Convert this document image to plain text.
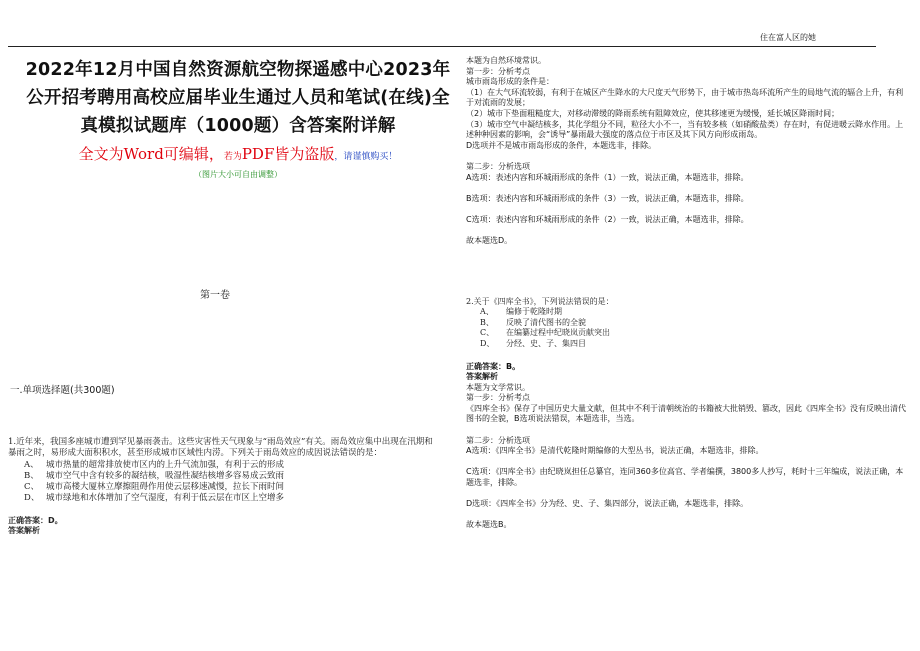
住在富人区的她
2022年12月中国自然资源航空物探遥感中心2023年公开招考聘用高校应届毕业生通过人员和笔试(在线)全真模拟试题库（1000题）含答案附详解
全文为Word可编辑，若为PDF皆为盗版，请谨慎购买！
（图片大小可自由调整）
第一卷
一.单项选择题(共300题)
1.近年来，我国多座城市遭到罕见暴雨袭击。这些灾害性天气现象与“雨岛效应”有关。雨岛效应集中出现在汛期和暴雨之时，易形成大面积积水，甚至形成城市区域性内涝。下列关于雨岛效应的成因说法错误的是：
A、 城市热量的超常排放使市区内的上升气流加强，有利于云的形成
B、 城市空气中含有较多的凝结核，吸湿性凝结核增多容易成云致雨
C、 城市高楼大厦林立摩擦阻碍作用使云层移速减慢，拉长下雨时间
D、 城市绿地和水体增加了空气湿度，有利于低云层在市区上空增多
正确答案：D。
答案解析

本题为自然环境常识。

第一步：分析考点

城市雨岛形成的条件是：

（1）在大气环流较弱，有利于在城区产生降水的大尺度天气形势下，由于城市热岛环流所产生的局地气流的辐合上升，有利于对流雨的发展；

（2）城市下垫面粗糙度大，对移动滞缓的降雨系统有阻障效应，使其移速更为缓慢，延长城区降雨时间；

（3）城市空气中凝结核多，其化学组分不同，粒径大小不一，当有较多核（如硝酸盐类）存在时，有促进暖云降水作用。上述种种因素的影响，会“诱导”暴雨最大强度的落点位于市区及其下风方向形成雨岛。

D选项并不是城市雨岛形成的条件，本题选非，排除。

第二步：分析选项

A选项：表述内容和环城雨形成的条件（1）一致，说法正确，本题选非，排除。

B选项：表述内容和环城雨形成的条件（3）一致，说法正确，本题选非，排除。

C选项：表述内容和环城雨形成的条件（2）一致，说法正确，本题选非，排除。

故本题选D。

2.关于《四库全书》，下列说法错误的是：

A、 编修于乾隆时期

B、 反映了清代图书的全貌

C、 在编纂过程中纪晓岚贡献突出

D、 分经、史、子、集四目

正确答案：B。

答案解析

本题为文学常识。

第一步：分析考点

《四库全书》保存了中国历史大量文献，但其中不利于清朝统治的书籍被大批销毁、篡改，因此《四库全书》没有反映出清代图书的全貌，B选项说法错误，本题选非，当选。

第二步：分析选项

A选项：《四库全书》是清代乾隆时期编修的大型丛书，说法正确，本题选非，排除。

C选项：《四库全书》由纪晓岚担任总纂官，连同360多位高官、学者编撰，3800多人抄写，耗时十三年编成，说法正确，本题选非，排除。

D选项：《四库全书》分为经、史、子、集四部分，说法正确，本题选非，排除。

故本题选B。
